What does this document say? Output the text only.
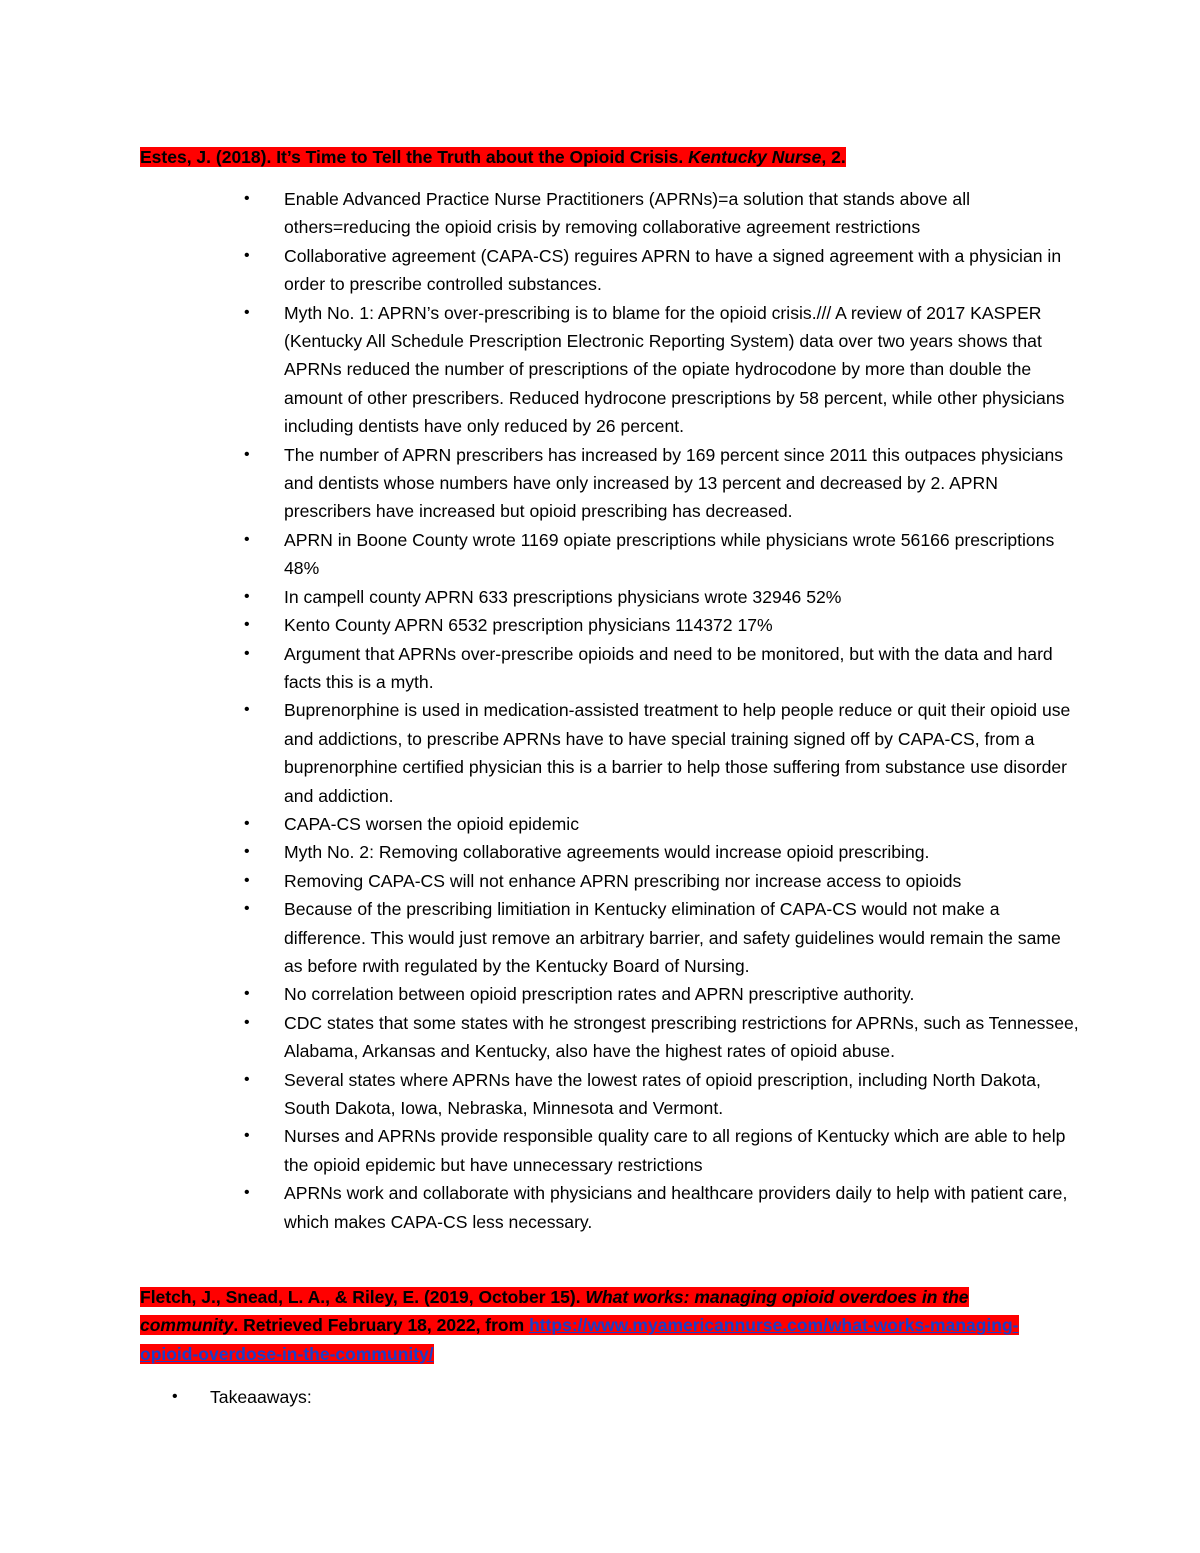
Estes, J. (2018). It’s Time to Tell the Truth about the Opioid Crisis. Kentucky Nurse, 2.

•	Enable Advanced Practice Nurse Practitioners (APRNs)=a solution that stands above all others=reducing the opioid crisis by removing collaborative agreement restrictions
•	Collaborative agreement (CAPA-CS) reguires APRN to have a signed agreement with a physician in order to prescribe controlled substances.
•	Myth No. 1: APRN’s over-prescribing is to blame for the opioid crisis./// A review of 2017 KASPER (Kentucky All Schedule Prescription Electronic Reporting System) data over two years shows that APRNs reduced the number of prescriptions of the opiate hydrocodone by more than double the amount of other prescribers. Reduced hydrocone prescriptions by 58 percent, while other physicians including dentists have only reduced by 26 percent.
•	The number of APRN prescribers has increased by 169 percent since 2011 this outpaces physicians and dentists whose numbers have only increased by 13 percent and decreased by 2. APRN prescribers have increased but opioid prescribing has decreased.
•	APRN in Boone County wrote 1169 opiate prescriptions while physicians wrote 56166 prescriptions 48%
•	In campell county APRN 633 prescriptions physicians wrote 32946 52%
•	Kento County APRN 6532 prescription physicians 114372 17%
•	Argument that APRNs over-prescribe opioids and need to be monitored, but with the data and hard facts this is a myth.
•	Buprenorphine is used in medication-assisted treatment to help people reduce or quit their opioid use and addictions, to prescribe APRNs have to have special training signed off by CAPA-CS, from a buprenorphine certified physician this is a barrier to help those suffering from substance use disorder and addiction.
•	CAPA-CS worsen the opioid epidemic
•	Myth No. 2: Removing collaborative agreements would increase opioid prescribing.
•	Removing CAPA-CS will not enhance APRN prescribing nor increase access to opioids
•	Because of the prescribing limitiation in Kentucky elimination of CAPA-CS would not make a difference. This would just remove an arbitrary barrier, and safety guidelines would remain the same as before rwith regulated by the Kentucky Board of Nursing.
•	No correlation between opioid prescription rates and APRN prescriptive authority.
•	CDC states that some states with he strongest prescribing restrictions for APRNs, such as Tennessee, Alabama, Arkansas and Kentucky, also have the highest rates of opioid abuse.
•	Several states where APRNs have the lowest rates of opioid prescription, including North Dakota, South Dakota, Iowa, Nebraska, Minnesota and Vermont.
•	Nurses and APRNs provide responsible quality care to all regions of Kentucky which are able to help the opioid epidemic but have unnecessary restrictions
•	APRNs work and collaborate with physicians and healthcare providers daily to help with patient care, which makes CAPA-CS less necessary.

Fletch, J., Snead, L. A., & Riley, E. (2019, October 15). What works: managing opioid overdoes in the community. Retrieved February 18, 2022, from https://www.myamericannurse.com/what-works-managing-opioid-overdose-in-the-community/

•	Takeaaways:
